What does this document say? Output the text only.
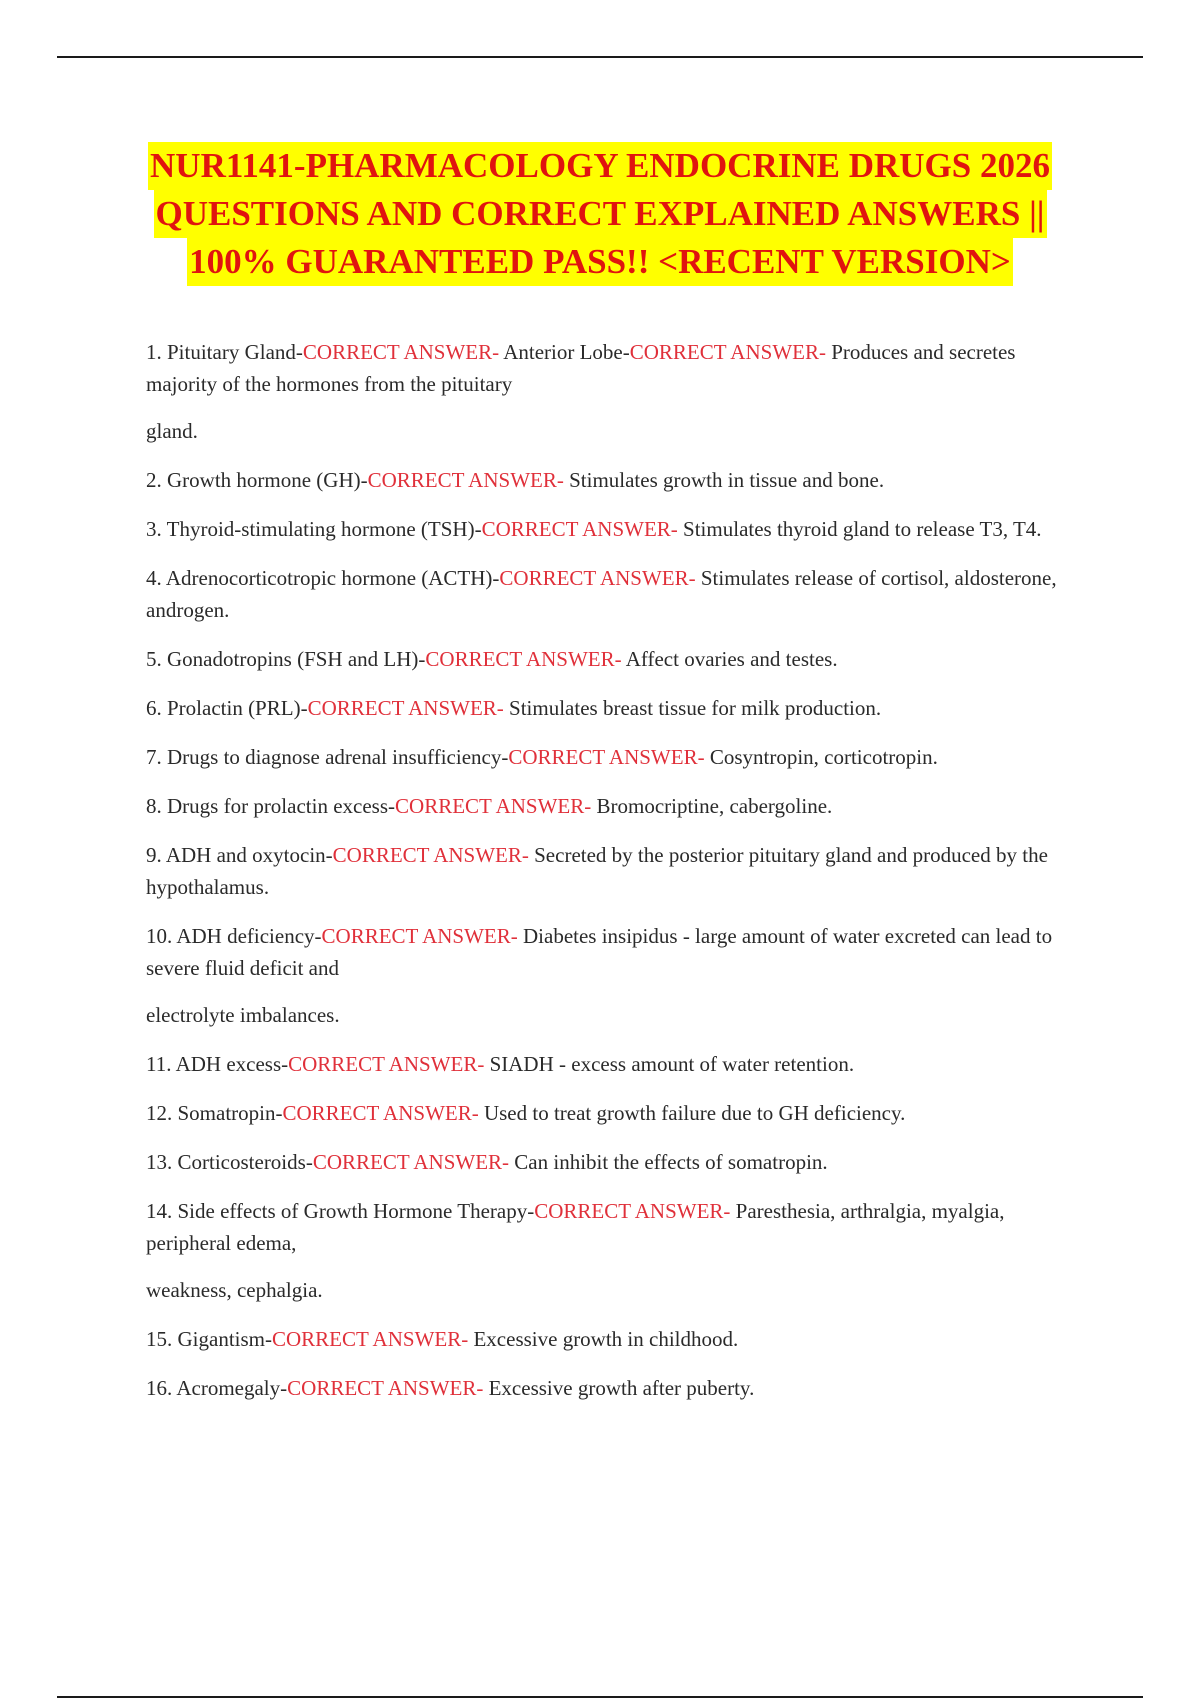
NUR1141-PHARMACOLOGY ENDOCRINE DRUGS 2026
QUESTIONS AND CORRECT EXPLAINED ANSWERS ||
100% GUARANTEED PASS!! <RECENT VERSION>

1. Pituitary Gland-CORRECT ANSWER- Anterior Lobe-CORRECT ANSWER- Produces and secretes majority of the hormones from the pituitary

gland.

2. Growth hormone (GH)-CORRECT ANSWER- Stimulates growth in tissue and bone.

3. Thyroid-stimulating hormone (TSH)-CORRECT ANSWER- Stimulates thyroid gland to release T3, T4.

4. Adrenocorticotropic hormone (ACTH)-CORRECT ANSWER- Stimulates release of cortisol, aldosterone, androgen.

5. Gonadotropins (FSH and LH)-CORRECT ANSWER- Affect ovaries and testes.

6. Prolactin (PRL)-CORRECT ANSWER- Stimulates breast tissue for milk production.

7. Drugs to diagnose adrenal insufficiency-CORRECT ANSWER- Cosyntropin, corticotropin.

8. Drugs for prolactin excess-CORRECT ANSWER- Bromocriptine, cabergoline.

9. ADH and oxytocin-CORRECT ANSWER- Secreted by the posterior pituitary gland and produced by the hypothalamus.

10. ADH deficiency-CORRECT ANSWER- Diabetes insipidus - large amount of water excreted can lead to severe fluid deficit and

electrolyte imbalances.

11. ADH excess-CORRECT ANSWER- SIADH - excess amount of water retention.

12. Somatropin-CORRECT ANSWER- Used to treat growth failure due to GH deficiency.

13. Corticosteroids-CORRECT ANSWER- Can inhibit the effects of somatropin.

14. Side effects of Growth Hormone Therapy-CORRECT ANSWER- Paresthesia, arthralgia, myalgia, peripheral edema,

weakness, cephalgia.

15. Gigantism-CORRECT ANSWER- Excessive growth in childhood.

16. Acromegaly-CORRECT ANSWER- Excessive growth after puberty.
